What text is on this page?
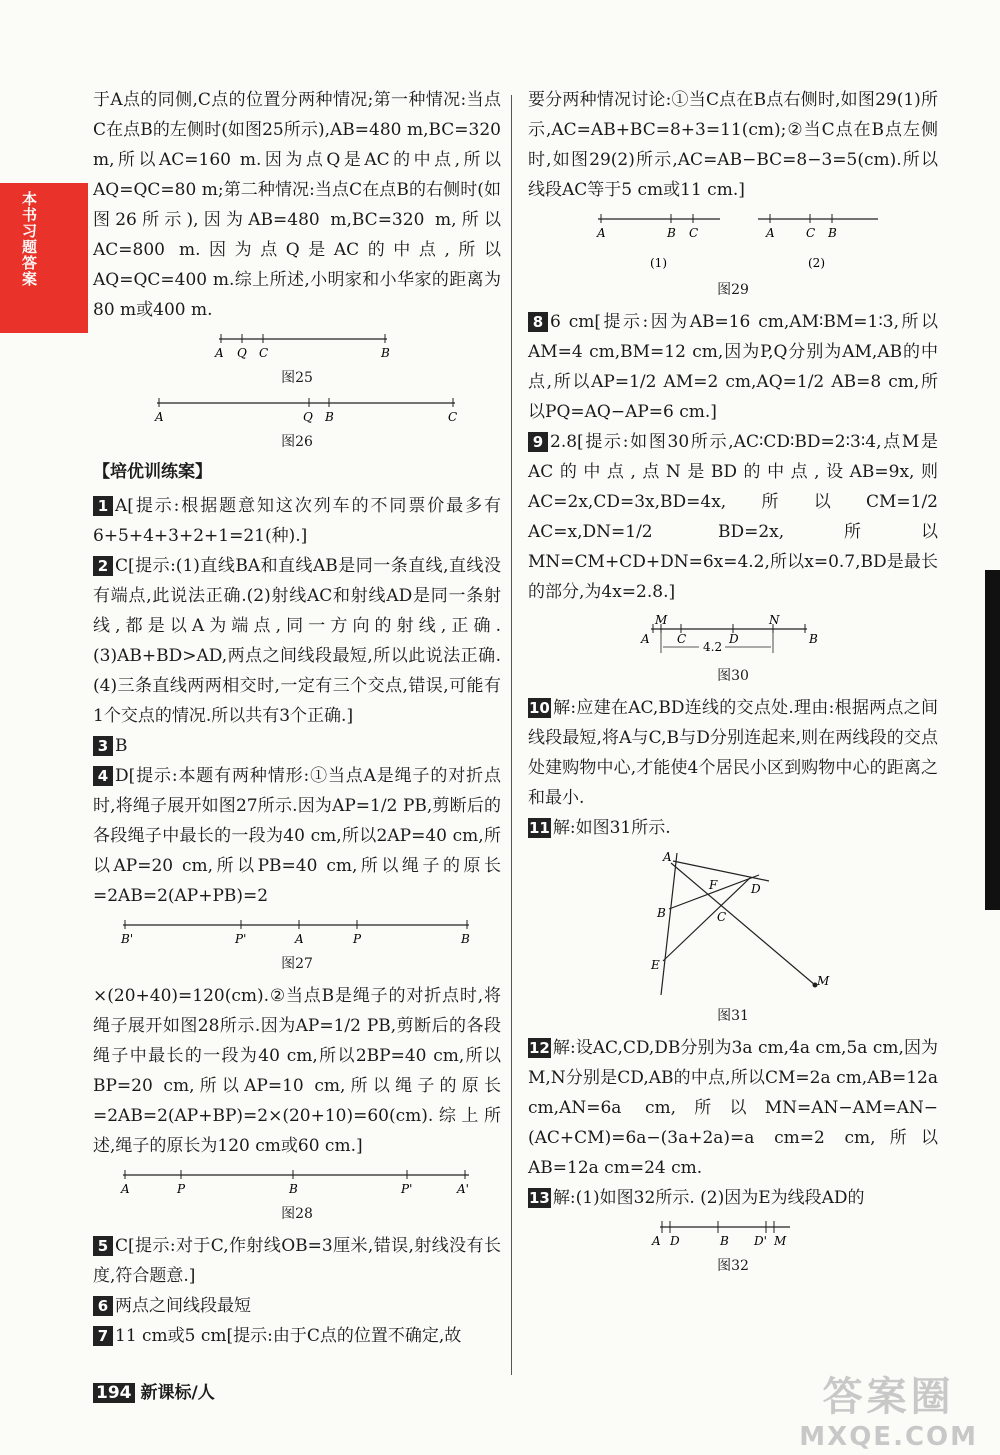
本书习题答案

于A点的同侧,C点的位置分两种情况;第一种情况:当点C在点B的左侧时(如图25所示),AB=480 m,BC=320 m,所以AC=160 m.因为点Q是AC的中点,所以AQ=QC=80 m;第二种情况:当点C在点B的右侧时(如图26所示),因为AB=480 m,BC=320 m,所以AC=800 m.因为点Q是AC的中点,所以AQ=QC=400 m.综上所述,小明家和小华家的距离为80 m或400 m.

A Q C	B
图25
A	Q B	C
图26
【培优训练案】

1 A[提示:根据题意知这次列车的不同票价最多有6+5+4+3+2+1=21(种).]

2 C[提示:(1)直线BA和直线AB是同一条直线,直线没有端点,此说法正确.(2)射线AC和射线AD是同一条射线,都是以A为端点,同一方向的射线,正确.(3)AB+BD>AD,两点之间线段最短,所以此说法正确.(4)三条直线两两相交时,一定有三个交点,错误,可能有1个交点的情况.所以共有3个正确.]

3 B

4 D[提示:本题有两种情形:①当点A是绳子的对折点时,将绳子展开如图27所示.因为AP=1/2 PB,剪断后的各段绳子中最长的一段为40 cm,所以2AP=40 cm,所以AP=20 cm,所以PB=40 cm,所以绳子的原长=2AB=2(AP+PB)=2

B'	P'	A	P	B
图27

×(20+40)=120(cm).②当点B是绳子的对折点时,将绳子展开如图28所示.因为AP=1/2 PB,剪断后的各段绳子中最长的一段为40 cm,所以2BP=40 cm,所以BP=20 cm,所以AP=10 cm,所以绳子的原长=2AB=2(AP+BP)=2×(20+10)=60(cm).综上所述,绳子的原长为120 cm或60 cm.]

A	P	B	P'	A'
图28

5 C[提示:对于C,作射线OB=3厘米,错误,射线没有长度,符合题意.]

6 两点之间线段最短

7 11 cm或5 cm[提示:由于C点的位置不确定,故

要分两种情况讨论:①当C点在B点右侧时,如图29(1)所示,AC=AB+BC=8+3=11(cm);②当C点在B点左侧时,如图29(2)所示,AC=AB−BC=8−3=5(cm).所以线段AC等于5 cm或11 cm.]

A	B C	A	C B
(1)	(2)
图29

8 6 cm[提示:因为AB=16 cm,AM∶BM=1∶3,所以AM=4 cm,BM=12 cm,因为P,Q分别为AM,AB的中点,所以AP=1/2 AM=2 cm,AQ=1/2 AB=8 cm,所以PQ=AQ−AP=6 cm.]

9 2.8[提示:如图30所示,AC∶CD∶BD=2∶3∶4,点M是AC的中点,点N是BD的中点,设AB=9x,则AC=2x,CD=3x,BD=4x,所以CM=1/2 AC=x,DN=1/2 BD=2x,所以MN=CM+CD+DN=6x=4.2,所以x=0.7,BD是最长的部分,为4x=2.8.]

M	N
A C	D	B
4.2
图30

10 解:应建在AC,BD连线的交点处.理由:根据两点之间线段最短,将A与C,B与D分别连起来,则在两线段的交点处建购物中心,才能使4个居民小区到购物中心的距离之和最小.

11 解:如图31所示.

A
F	D
B	C
E
M
图31

12 解:设AC,CD,DB分别为3a cm,4a cm,5a cm,因为M,N分别是CD,AB的中点,所以CM=2a cm,AB=12a cm,AN=6a cm,所以MN=AN−AM=AN−(AC+CM)=6a−(3a+2a)=a cm=2 cm,所以AB=12a cm=24 cm.

13 解:(1)如图32所示. (2)因为E为线段AD的

A D	B D' M
图32
194 新课标/人	答案圈
MXQE.COM
